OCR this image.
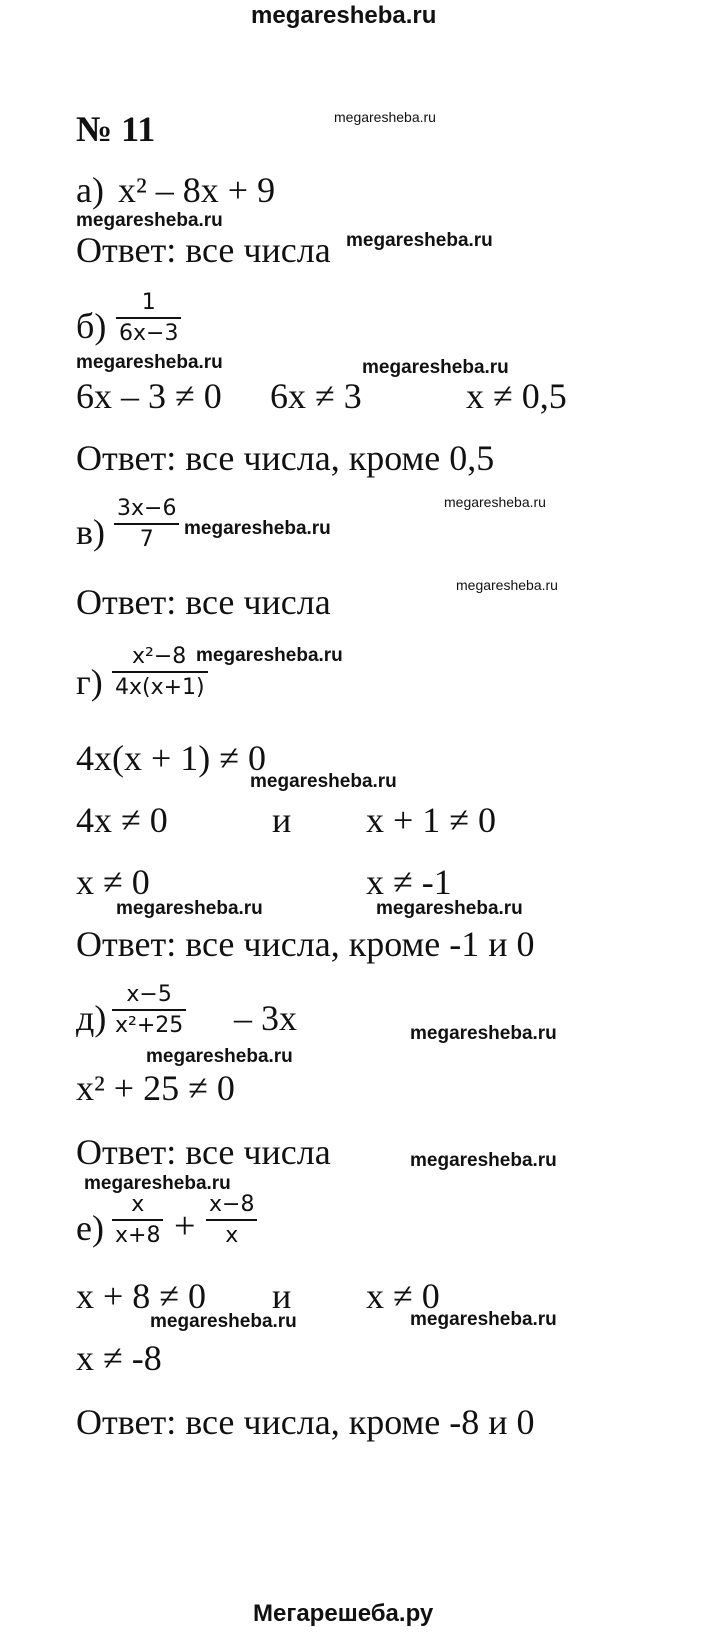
megaresheba.ru
№ 11	megaresheba.ru
а) x² – 8x + 9
megaresheba.ru
Ответ: все числа megaresheba.ru
$б) \frac{1}{6x-3}$
megaresheba.ru	megaresheba.ru
6x – 3 ≠ 0 6x ≠ 3	x ≠ 0,5
Ответ: все числа, кроме 0,5
megaresheba.ru
$в) \frac{3x-6}{7}$ megaresheba.ru
megaresheba.ru
Ответ: все числа
$г) \frac{\text{x²−8}}{4x(x+1)}$
megaresheba.ru
4x(x + 1) ≠ 0
megaresheba.ru
4x ≠ 0	и x + 1 ≠ 0
x ≠ 0	x ≠ -1
megaresheba.ru	megaresheba.ru
Ответ: все числа, кроме -1 и 0
$д) \frac{x-5}{\text{x²+25}} - 3x$	megaresheba.ru
megaresheba.ru
x² + 25 ≠ 0
Ответ: все числа	megaresheba.ru
megaresheba.ru
$е) \frac{x}{x+8} + \frac{x-8}{x}$
x + 8 ≠ 0 и x ≠ 0
megaresheba.ru	megaresheba.ru
x ≠ -8
Ответ: все числа, кроме -8 и 0
Мегарешеба.ру
